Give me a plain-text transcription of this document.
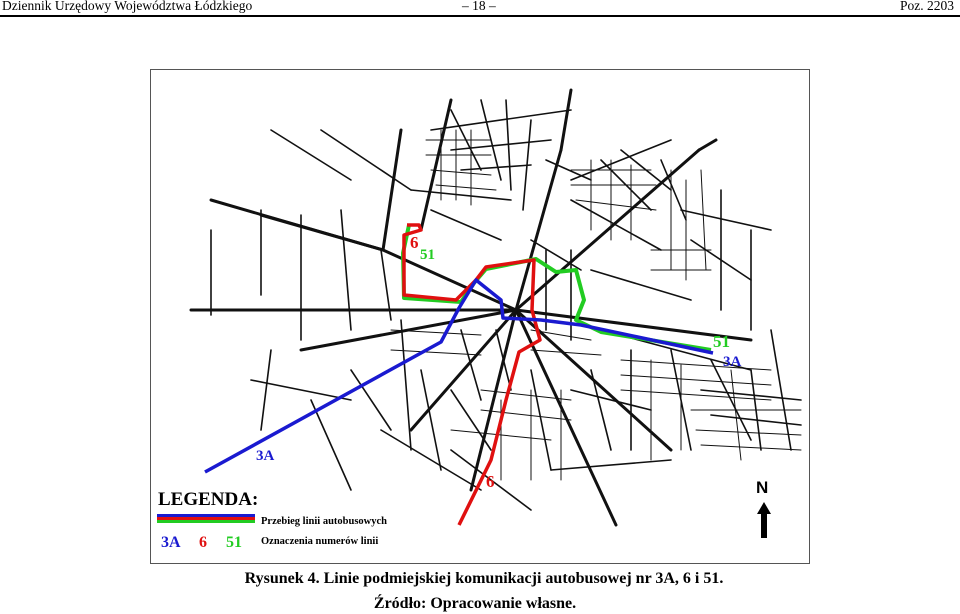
Dziennik Urzędowy Województwa Łódzkiego	– 18 –	Poz. 2203
6
51
51
3A
3A
6
LEGENDA:
Przebieg linii autobusowych
3A 6 51 Oznaczenia numerów linii
N
Rysunek 4. Linie podmiejskiej komunikacji autobusowej nr 3A, 6 i 51.
Źródło: Opracowanie własne.
